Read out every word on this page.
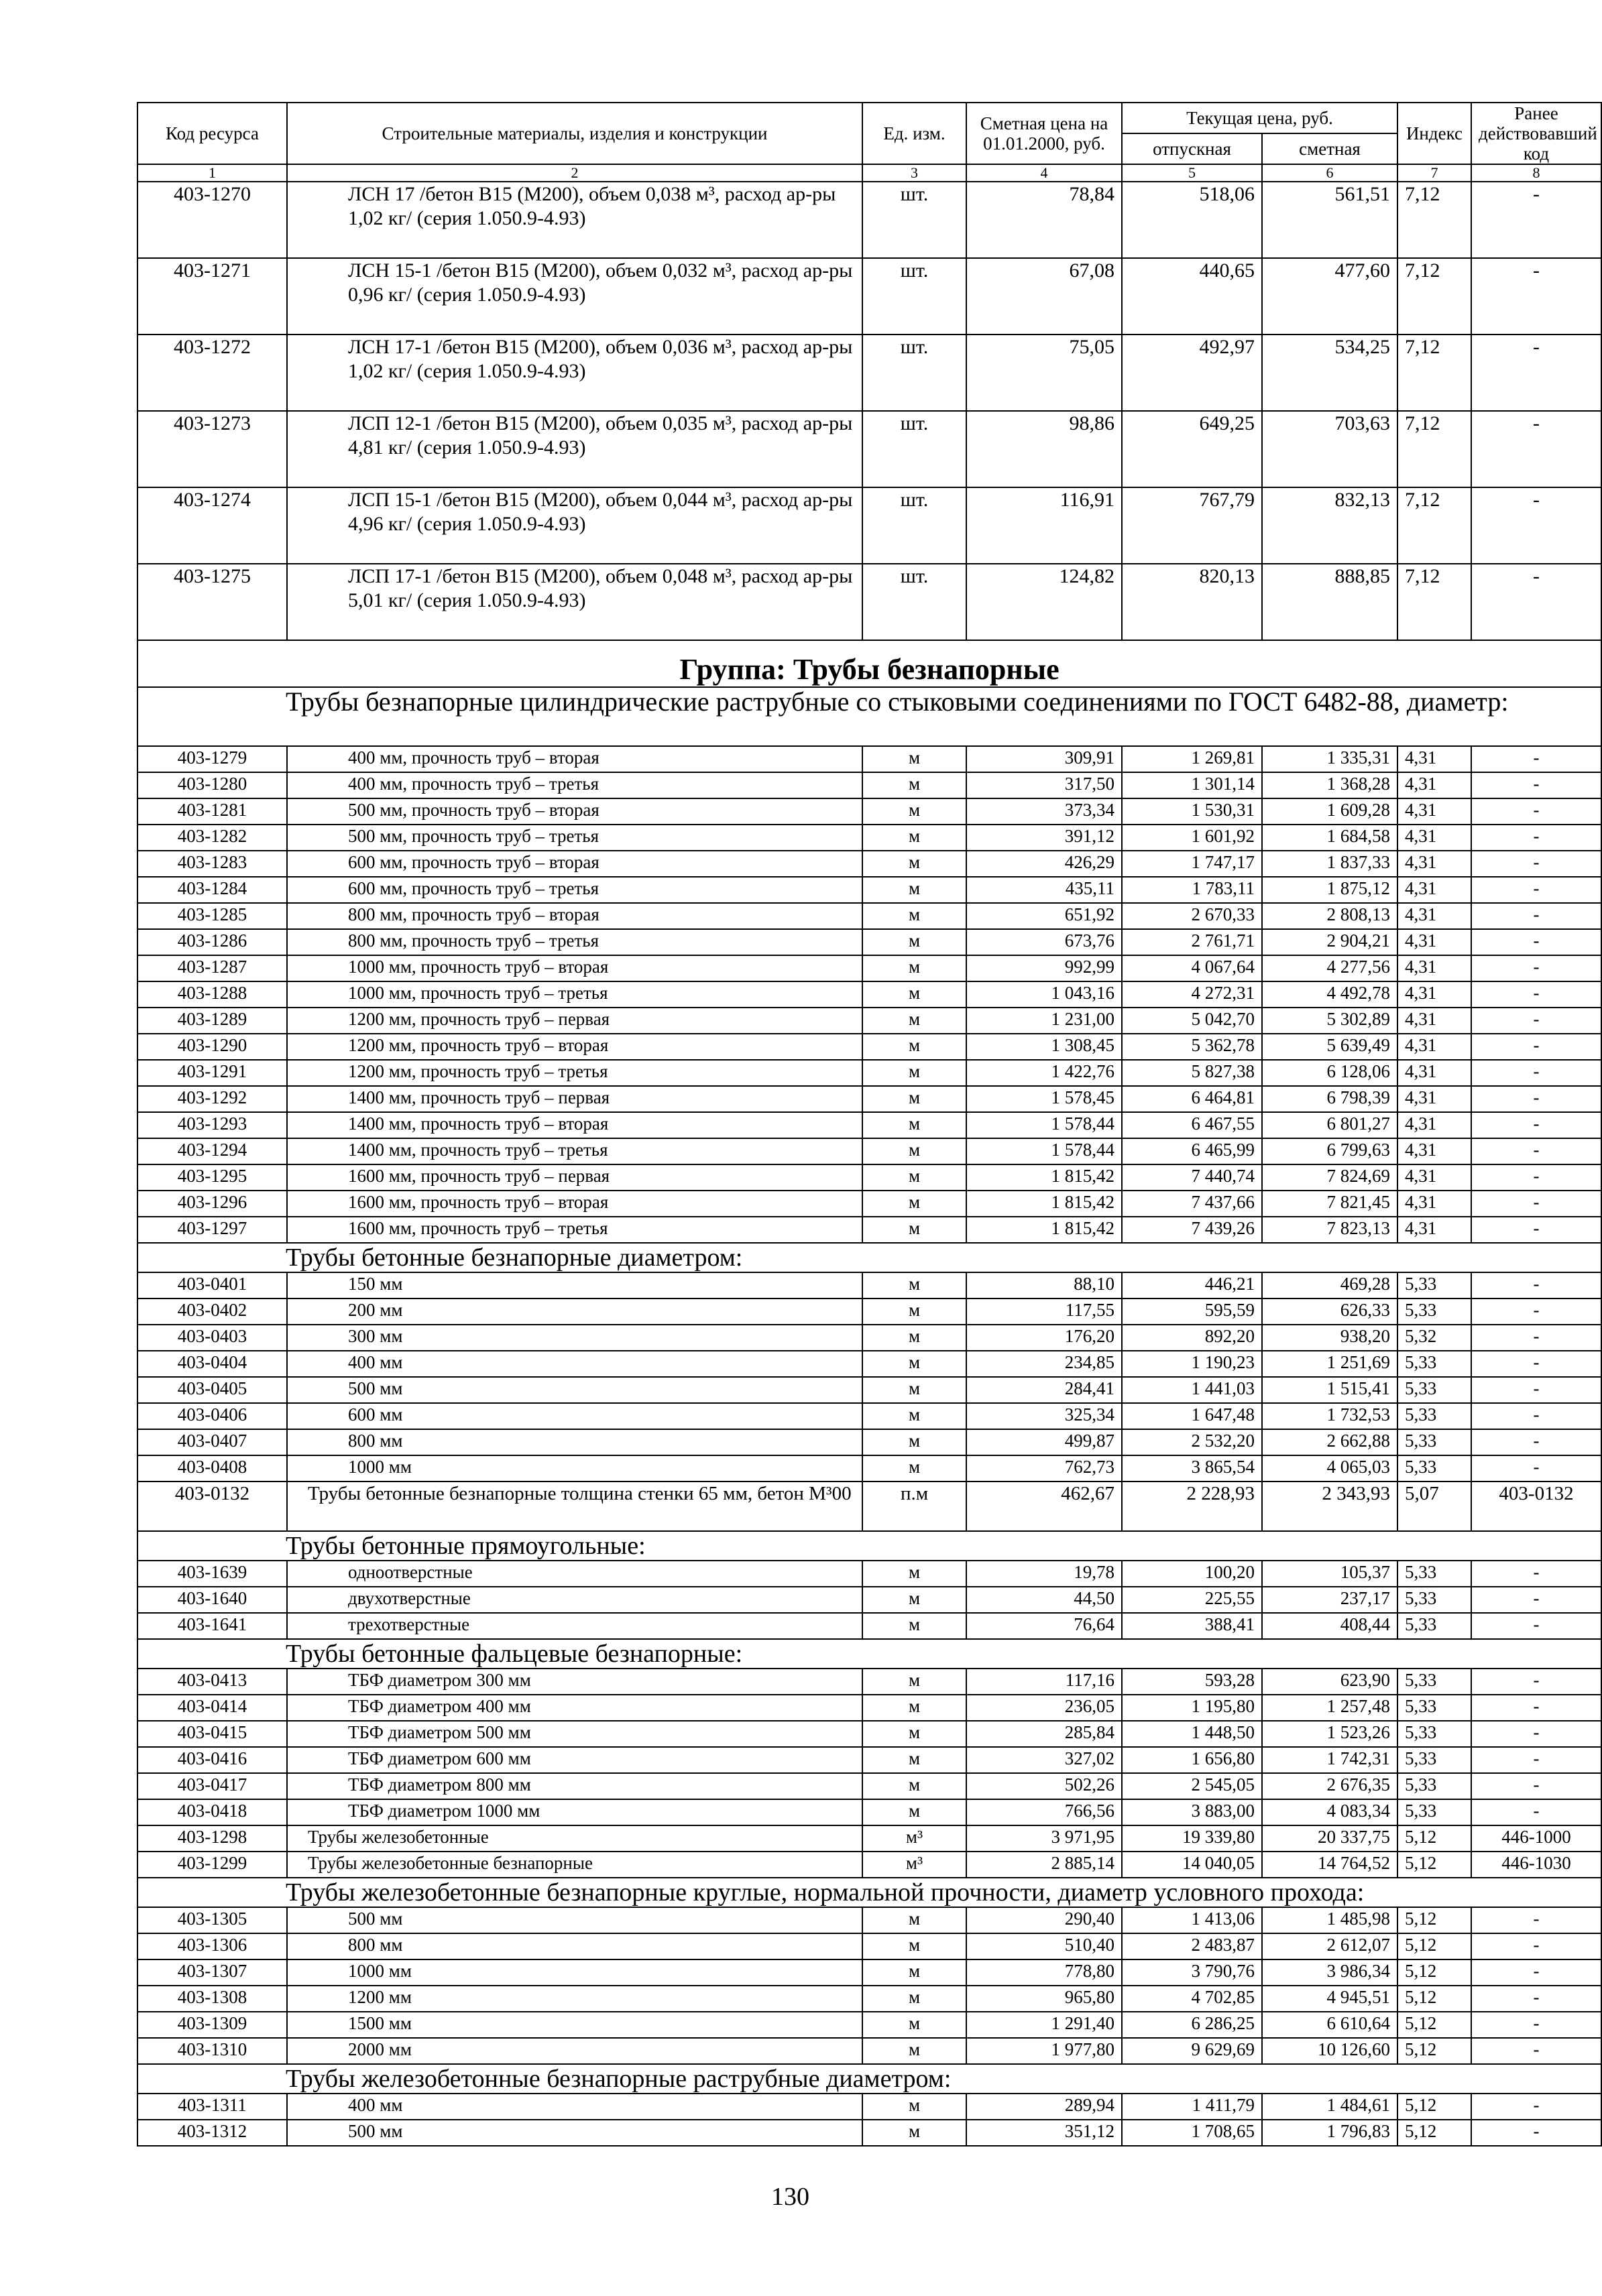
Код ресурса	Строительные материалы, изделия и конструкции	Ед. изм.	Сметная цена на 01.01.2000, руб.	Текущая цена, руб.		Индекс	Ранее действовавший код
				отпускная	сметная		
1	2	3	4	5	6	7	8
403-1270	ЛСН 17 /бетон В15 (М200), объем 0,038 м³, расход ар-ры 1,02 кг/ (серия 1.050.9-4.93)	шт.	78,84	518,06	561,51	7,12	-
403-1271	ЛСН 15-1 /бетон В15 (М200), объем 0,032 м³, расход ар-ры 0,96 кг/ (серия 1.050.9-4.93)	шт.	67,08	440,65	477,60	7,12	-
403-1272	ЛСН 17-1 /бетон В15 (М200), объем 0,036 м³, расход ар-ры 1,02 кг/ (серия 1.050.9-4.93)	шт.	75,05	492,97	534,25	7,12	-
403-1273	ЛСП 12-1 /бетон В15 (М200), объем 0,035 м³, расход ар-ры 4,81 кг/ (серия 1.050.9-4.93)	шт.	98,86	649,25	703,63	7,12	-
403-1274	ЛСП 15-1 /бетон В15 (М200), объем 0,044 м³, расход ар-ры 4,96 кг/ (серия 1.050.9-4.93)	шт.	116,91	767,79	832,13	7,12	-
403-1275	ЛСП 17-1 /бетон В15 (М200), объем 0,048 м³, расход ар-ры 5,01 кг/ (серия 1.050.9-4.93)	шт.	124,82	820,13	888,85	7,12	-
Группа: Трубы безнапорные							
Трубы безнапорные цилиндрические раструбные со стыковыми соединениями по ГОСТ 6482-88, диаметр:							
403-1279	400 мм, прочность труб – вторая	м	309,91	1 269,81	1 335,31	4,31	-
403-1280	400 мм, прочность труб – третья	м	317,50	1 301,14	1 368,28	4,31	-
403-1281	500 мм, прочность труб – вторая	м	373,34	1 530,31	1 609,28	4,31	-
403-1282	500 мм, прочность труб – третья	м	391,12	1 601,92	1 684,58	4,31	-
403-1283	600 мм, прочность труб – вторая	м	426,29	1 747,17	1 837,33	4,31	-
403-1284	600 мм, прочность труб – третья	м	435,11	1 783,11	1 875,12	4,31	-
403-1285	800 мм, прочность труб – вторая	м	651,92	2 670,33	2 808,13	4,31	-
403-1286	800 мм, прочность труб – третья	м	673,76	2 761,71	2 904,21	4,31	-
403-1287	1000 мм, прочность труб – вторая	м	992,99	4 067,64	4 277,56	4,31	-
403-1288	1000 мм, прочность труб – третья	м	1 043,16	4 272,31	4 492,78	4,31	-
403-1289	1200 мм, прочность труб – первая	м	1 231,00	5 042,70	5 302,89	4,31	-
403-1290	1200 мм, прочность труб – вторая	м	1 308,45	5 362,78	5 639,49	4,31	-
403-1291	1200 мм, прочность труб – третья	м	1 422,76	5 827,38	6 128,06	4,31	-
403-1292	1400 мм, прочность труб – первая	м	1 578,45	6 464,81	6 798,39	4,31	-
403-1293	1400 мм, прочность труб – вторая	м	1 578,44	6 467,55	6 801,27	4,31	-
403-1294	1400 мм, прочность труб – третья	м	1 578,44	6 465,99	6 799,63	4,31	-
403-1295	1600 мм, прочность труб – первая	м	1 815,42	7 440,74	7 824,69	4,31	-
403-1296	1600 мм, прочность труб – вторая	м	1 815,42	7 437,66	7 821,45	4,31	-
403-1297	1600 мм, прочность труб – третья	м	1 815,42	7 439,26	7 823,13	4,31	-
Трубы бетонные безнапорные диаметром:							
403-0401	150 мм	м	88,10	446,21	469,28	5,33	-
403-0402	200 мм	м	117,55	595,59	626,33	5,33	-
403-0403	300 мм	м	176,20	892,20	938,20	5,32	-
403-0404	400 мм	м	234,85	1 190,23	1 251,69	5,33	-
403-0405	500 мм	м	284,41	1 441,03	1 515,41	5,33	-
403-0406	600 мм	м	325,34	1 647,48	1 732,53	5,33	-
403-0407	800 мм	м	499,87	2 532,20	2 662,88	5,33	-
403-0408	1000 мм	м	762,73	3 865,54	4 065,03	5,33	-
403-0132	Трубы бетонные безнапорные толщина стенки 65 мм, бетон М³00	п.м	462,67	2 228,93	2 343,93	5,07	403-0132
Трубы бетонные прямоугольные:							
403-1639	одноотверстные	м	19,78	100,20	105,37	5,33	-
403-1640	двухотверстные	м	44,50	225,55	237,17	5,33	-
403-1641	трехотверстные	м	76,64	388,41	408,44	5,33	-
Трубы бетонные фальцевые безнапорные:							
403-0413	ТБФ диаметром 300 мм	м	117,16	593,28	623,90	5,33	-
403-0414	ТБФ диаметром 400 мм	м	236,05	1 195,80	1 257,48	5,33	-
403-0415	ТБФ диаметром 500 мм	м	285,84	1 448,50	1 523,26	5,33	-
403-0416	ТБФ диаметром 600 мм	м	327,02	1 656,80	1 742,31	5,33	-
403-0417	ТБФ диаметром 800 мм	м	502,26	2 545,05	2 676,35	5,33	-
403-0418	ТБФ диаметром 1000 мм	м	766,56	3 883,00	4 083,34	5,33	-
403-1298	Трубы железобетонные	м³	3 971,95	19 339,80	20 337,75	5,12	446-1000
403-1299	Трубы железобетонные безнапорные	м³	2 885,14	14 040,05	14 764,52	5,12	446-1030
Трубы железобетонные безнапорные круглые, нормальной прочности, диаметр условного прохода:							
403-1305	500 мм	м	290,40	1 413,06	1 485,98	5,12	-
403-1306	800 мм	м	510,40	2 483,87	2 612,07	5,12	-
403-1307	1000 мм	м	778,80	3 790,76	3 986,34	5,12	-
403-1308	1200 мм	м	965,80	4 702,85	4 945,51	5,12	-
403-1309	1500 мм	м	1 291,40	6 286,25	6 610,64	5,12	-
403-1310	2000 мм	м	1 977,80	9 629,69	10 126,60	5,12	-
Трубы железобетонные безнапорные раструбные диаметром:							
403-1311	400 мм	м	289,94	1 411,79	1 484,61	5,12	-
403-1312	500 мм	м	351,12	1 708,65	1 796,83	5,12	-
130
